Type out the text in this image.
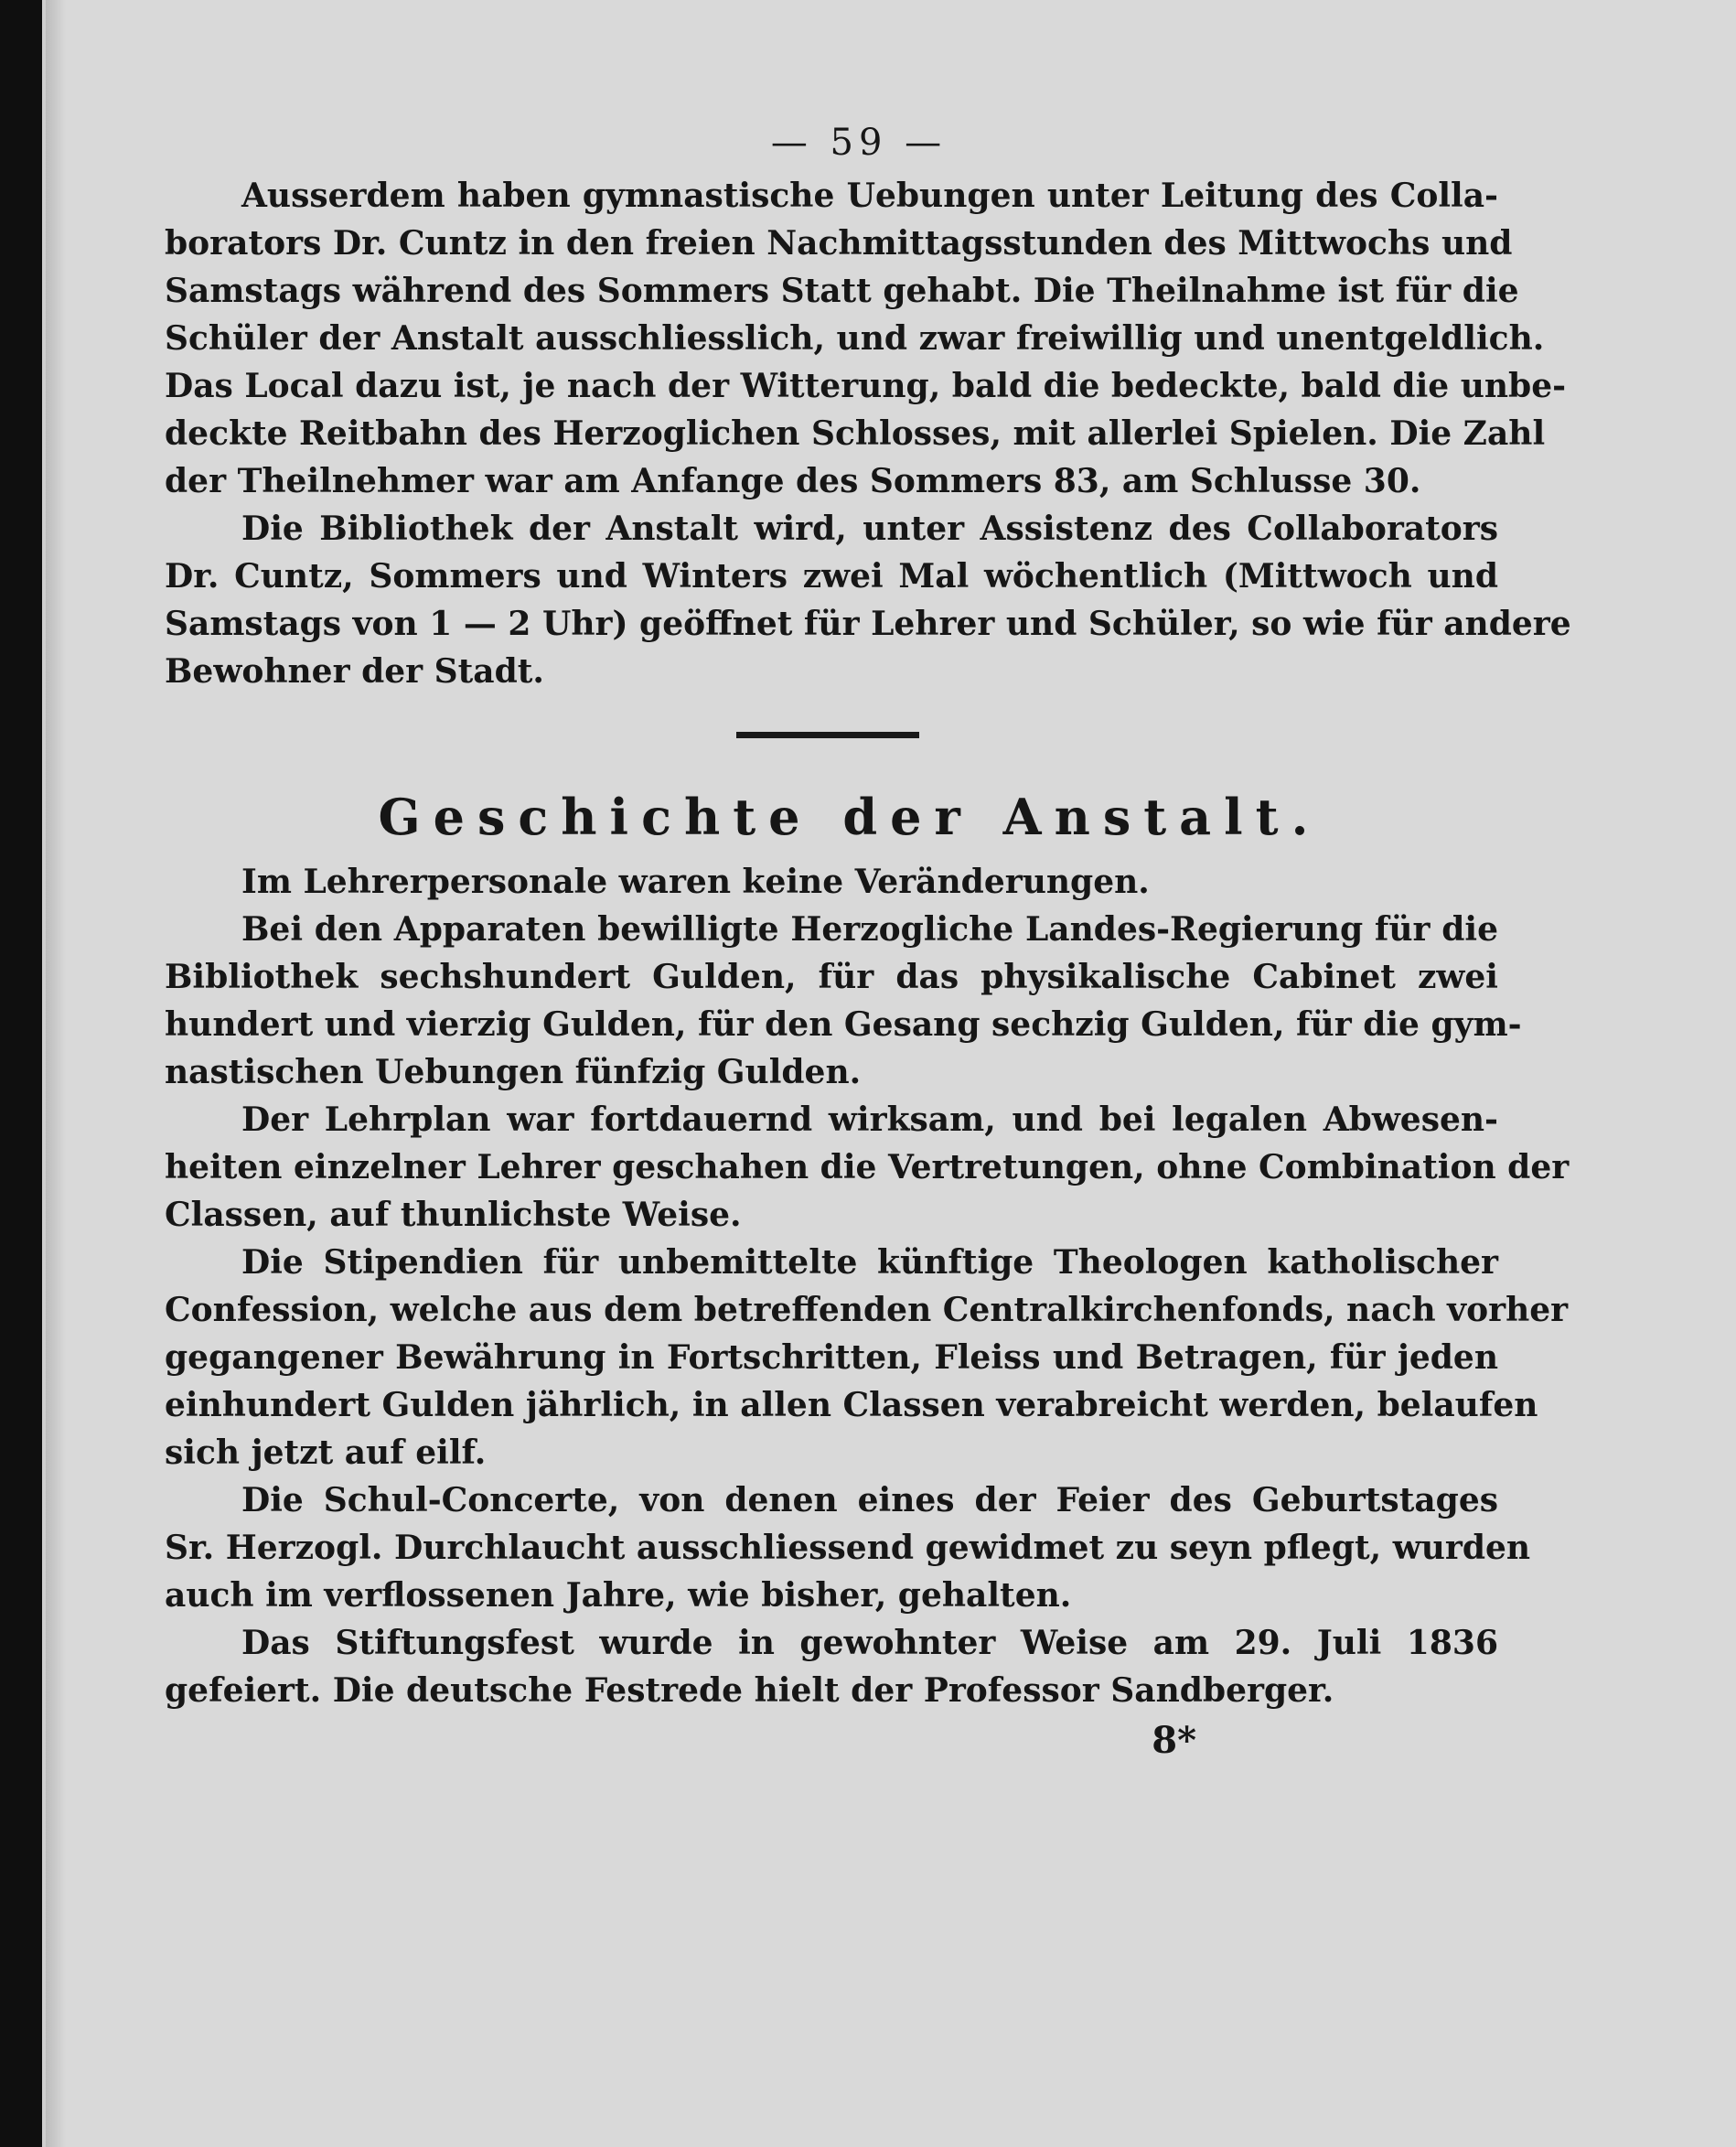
— 59 —
Ausserdem haben gymnastische Uebungen unter Leitung des Colla-
borators Dr. Cuntz in den freien Nachmittagsstunden des Mittwochs und
Samstags während des Sommers Statt gehabt. Die Theilnahme ist für die
Schüler der Anstalt ausschliesslich, und zwar freiwillig und unentgeldlich.
Das Local dazu ist, je nach der Witterung, bald die bedeckte, bald die unbe-
deckte Reitbahn des Herzoglichen Schlosses, mit allerlei Spielen. Die Zahl
der Theilnehmer war am Anfange des Sommers 83, am Schlusse 30.
Die Bibliothek der Anstalt wird, unter Assistenz des Collaborators
Dr. Cuntz, Sommers und Winters zwei Mal wöchentlich (Mittwoch und
Samstags von 1 — 2 Uhr) geöffnet für Lehrer und Schüler, so wie für andere
Bewohner der Stadt.
Geschichte der Anstalt.
Im Lehrerpersonale waren keine Veränderungen.
Bei den Apparaten bewilligte Herzogliche Landes-Regierung für die
Bibliothek sechshundert Gulden, für das physikalische Cabinet zwei
hundert und vierzig Gulden, für den Gesang sechzig Gulden, für die gym-
nastischen Uebungen fünfzig Gulden.
Der Lehrplan war fortdauernd wirksam, und bei legalen Abwesen-
heiten einzelner Lehrer geschahen die Vertretungen, ohne Combination der
Classen, auf thunlichste Weise.
Die Stipendien für unbemittelte künftige Theologen katholischer
Confession, welche aus dem betreffenden Centralkirchenfonds, nach vorher
gegangener Bewährung in Fortschritten, Fleiss und Betragen, für jeden
einhundert Gulden jährlich, in allen Classen verabreicht werden, belaufen
sich jetzt auf eilf.
Die Schul-Concerte, von denen eines der Feier des Geburtstages
Sr. Herzogl. Durchlaucht ausschliessend gewidmet zu seyn pflegt, wurden
auch im verflossenen Jahre, wie bisher, gehalten.
Das Stiftungsfest wurde in gewohnter Weise am 29. Juli 1836
gefeiert. Die deutsche Festrede hielt der Professor Sandberger.
8*
